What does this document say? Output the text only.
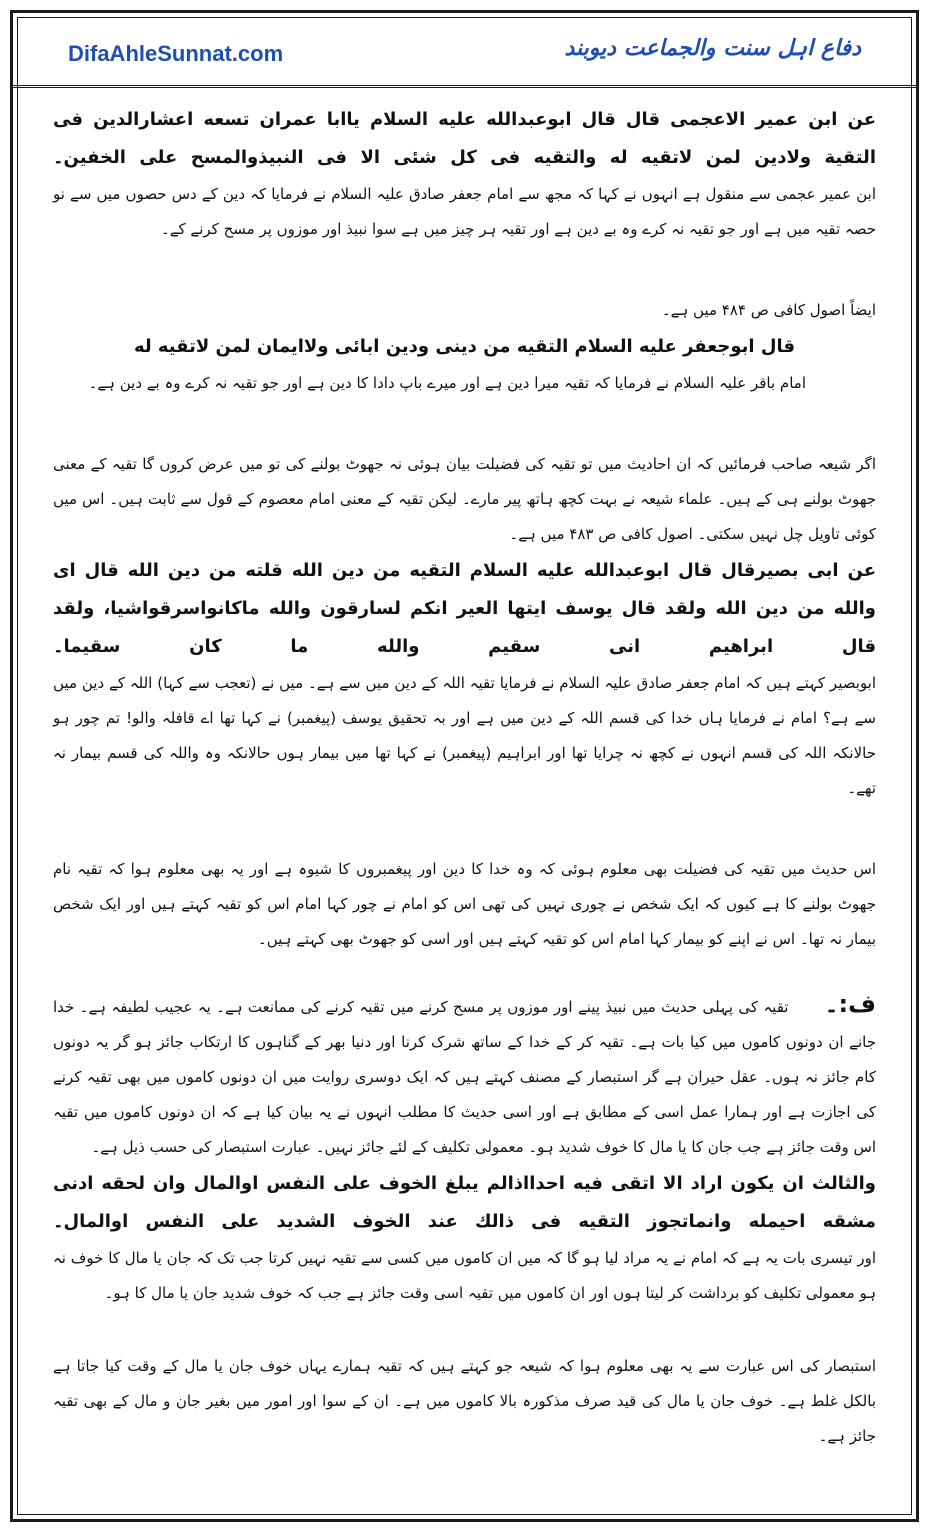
DifaAhleSunnat.com	دفاع اہل سنت والجماعت دیوبند

عن ابن عمير الاعجمى قال قال ابوعبدالله عليه السلام ياابا عمران تسعه اعشارالدين فى التقية ولادين لمن لاتقيه له والتقيه فى كل شئى الا فى النبيذوالمسح على الخفين۔

ابن عمیر عجمی سے منقول ہے انہوں نے کہا کہ مجھ سے امام جعفر صادق علیہ السلام نے فرمایا کہ دین کے دس حصوں میں سے نو حصہ تقیہ میں ہے اور جو تقیہ نہ کرے وہ بے دین ہے اور تقیہ ہر چیز میں ہے سوا نبیذ اور موزوں پر مسح کرنے کے۔

ایضاً اصول کافی ص ۴۸۴ میں ہے۔

قال ابوجعفر عليه السلام التقيه من دينى ودين ابائى ولاايمان لمن لاتقيه له

امام باقر علیہ السلام نے فرمایا کہ تقیہ میرا دین ہے اور میرے باپ دادا کا دین ہے اور جو تقیہ نہ کرے وہ بے دین ہے۔

اگر شیعہ صاحب فرمائیں کہ ان احادیث میں تو تقیہ کی فضیلت بیان ہوئی نہ جھوٹ بولنے کی تو میں عرض کروں گا تقیہ کے معنی جھوٹ بولنے ہی کے ہیں۔ علماء شیعہ نے بہت کچھ ہاتھ پیر مارے۔ لیکن تقیہ کے معنی امام معصوم کے قول سے ثابت ہیں۔ اس میں کوئی تاویل چل نہیں سکتی۔ اصول کافی ص ۴۸۳ میں ہے۔

عن ابى بصيرقال قال ابوعبدالله عليه السلام التقيه من دين الله قلته من دين الله قال اى والله من دين الله ولقد قال يوسف ايتها العير انكم لسارقون والله ماكانواسرقواشيا، ولقد قال ابراهيم انى سقيم والله ما كان سقيما۔

ابوبصیر کہتے ہیں کہ امام جعفر صادق علیہ السلام نے فرمایا تقیہ اللہ کے دین میں سے ہے۔ میں نے (تعجب سے کہا) اللہ کے دین میں سے ہے؟ امام نے فرمایا ہاں خدا کی قسم اللہ کے دین میں ہے اور بہ تحقیق یوسف (پیغمبر) نے کہا تھا اے قافلہ والو! تم چور ہو حالانکہ اللہ کی قسم انہوں نے کچھ نہ چرایا تھا اور ابراہیم (پیغمبر) نے کہا تھا میں بیمار ہوں حالانکہ وہ واللہ کی قسم بیمار نہ تھے۔

اس حدیث میں تقیہ کی فضیلت بھی معلوم ہوئی کہ وہ خدا کا دین اور پیغمبروں کا شیوہ ہے اور یہ بھی معلوم ہوا کہ تقیہ نام جھوٹ بولنے کا ہے کیوں کہ ایک شخص نے چوری نہیں کی تھی اس کو امام نے چور کہا امام اس کو تقیہ کہتے ہیں اور ایک شخص بیمار نہ تھا۔ اس نے اپنے کو بیمار کہا امام اس کو تقیہ کہتے ہیں اور اسی کو جھوٹ بھی کہتے ہیں۔

ف:۔تقیہ کی پہلی حدیث میں نبیذ پینے اور موزوں پر مسح کرنے میں تقیہ کرنے کی ممانعت ہے۔ یہ عجیب لطیفہ ہے۔ خدا جانے ان دونوں کاموں میں کیا بات ہے۔ تقیہ کر کے خدا کے ساتھ شرک کرنا اور دنیا بھر کے گناہوں کا ارتکاب جائز ہو گر یہ دونوں کام جائز نہ ہوں۔ عقل حیران ہے گر استبصار کے مصنف کہتے ہیں کہ ایک دوسری روایت میں ان دونوں کاموں میں بھی تقیہ کرنے کی اجازت ہے اور ہمارا عمل اسی کے مطابق ہے اور اسی حدیث کا مطلب انہوں نے یہ بیان کیا ہے کہ ان دونوں کاموں میں تقیہ اس وقت جائز ہے جب جان کا یا مال کا خوف شدید ہو۔ معمولی تکلیف کے لئے جائز نہیں۔ عبارت استبصار کی حسب ذیل ہے۔

والثالث ان يكون اراد الا اتقى فيه احدااذالم يبلغ الخوف على النفس اوالمال وان لحقه ادنى مشقه احيمله وانماتجوز التقيه فى ذالك عند الخوف الشديد على النفس اوالمال۔

اور تیسری بات یہ ہے کہ امام نے یہ مراد لیا ہو گا کہ میں ان کاموں میں کسی سے تقیہ نہیں کرتا جب تک کہ جان یا مال کا خوف نہ ہو معمولی تکلیف کو برداشت کر لیتا ہوں اور ان کاموں میں تقیہ اسی وقت جائز ہے جب کہ خوف شدید جان یا مال کا ہو۔

استبصار کی اس عبارت سے یہ بھی معلوم ہوا کہ شیعہ جو کہتے ہیں کہ تقیہ ہمارے یہاں خوف جان یا مال کے وقت کیا جاتا ہے بالکل غلط ہے۔ خوف جان یا مال کی قید صرف مذکورہ بالا کاموں میں ہے۔ ان کے سوا اور امور میں بغیر جان و مال کے بھی تقیہ جائز ہے۔
